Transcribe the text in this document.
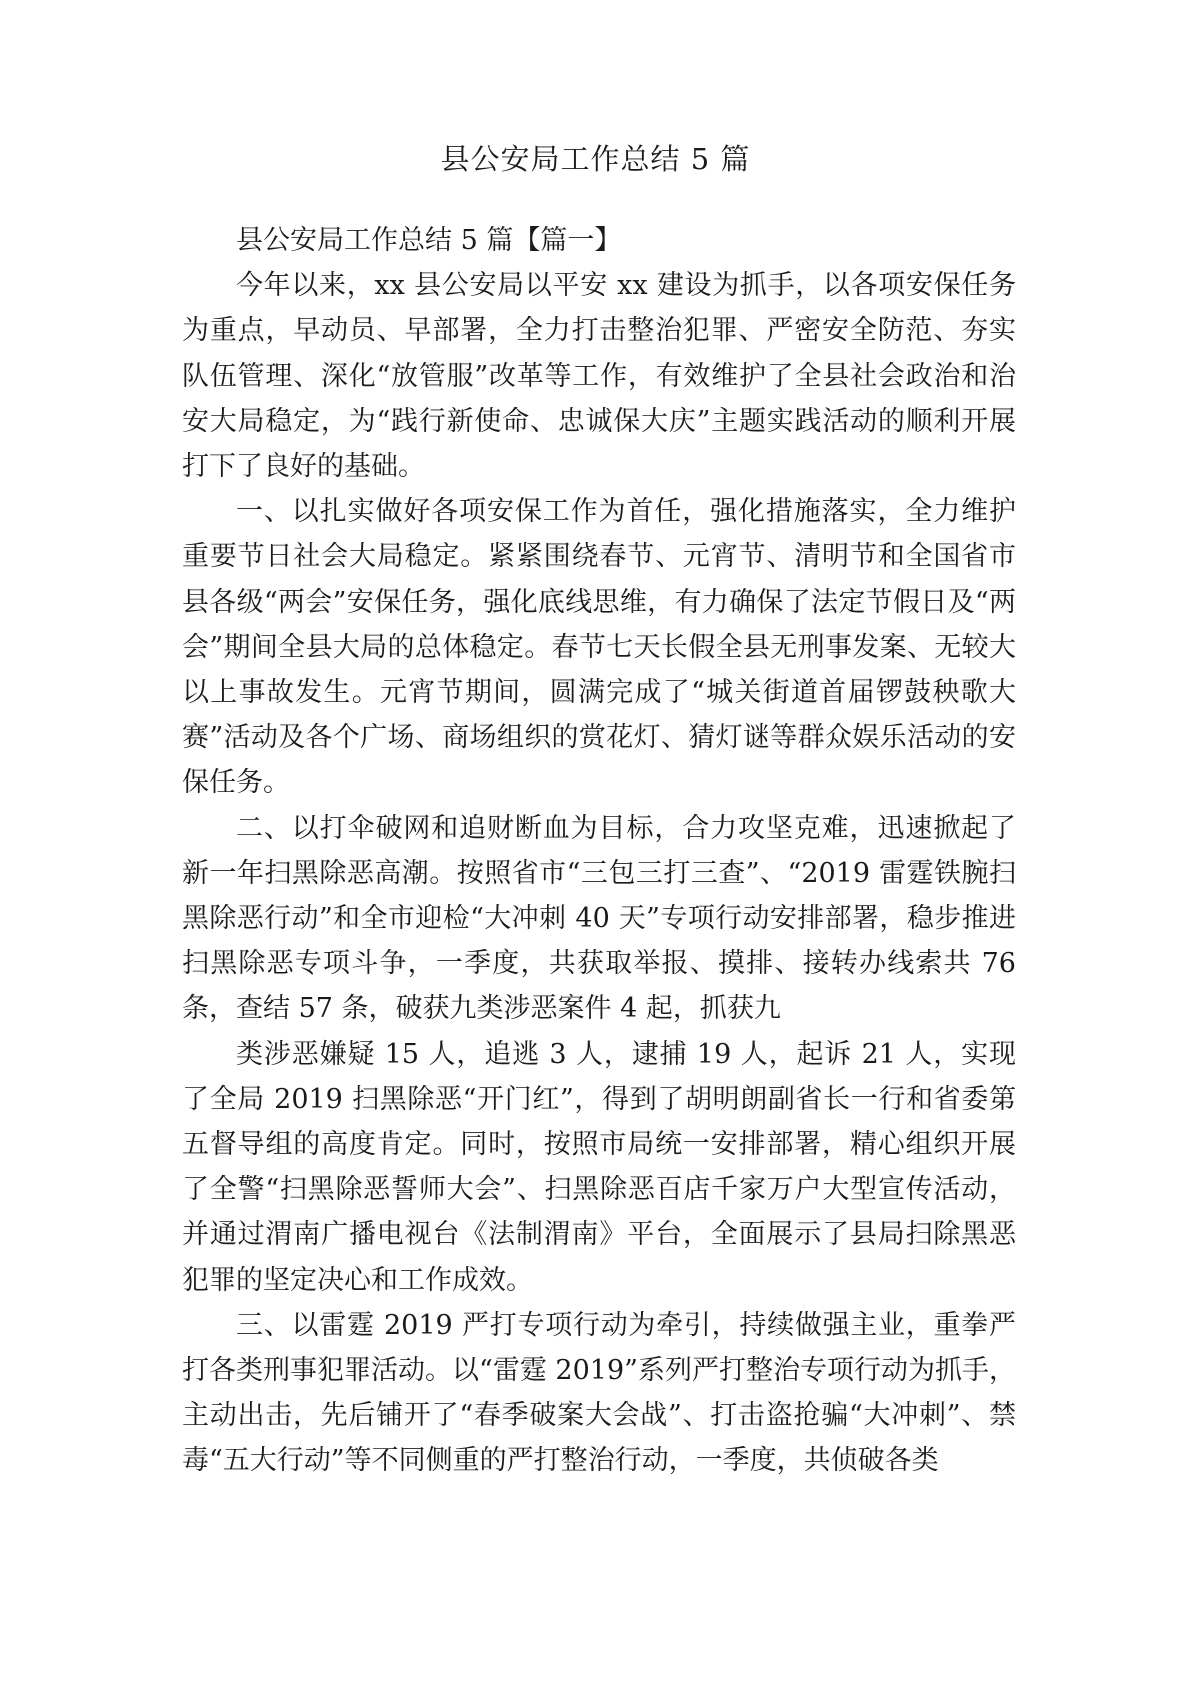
县公安局工作总结 5 篇

县公安局工作总结 5 篇【篇一】

今年以来，xx 县公安局以平安 xx 建设为抓手，以各项安保任务为重点，早动员、早部署，全力打击整治犯罪、严密安全防范、夯实队伍管理、深化“放管服”改革等工作，有效维护了全县社会政治和治安大局稳定，为“践行新使命、忠诚保大庆”主题实践活动的顺利开展打下了良好的基础。

一、以扎实做好各项安保工作为首任，强化措施落实，全力维护重要节日社会大局稳定。紧紧围绕春节、元宵节、清明节和全国省市县各级“两会”安保任务，强化底线思维，有力确保了法定节假日及“两会”期间全县大局的总体稳定。春节七天长假全县无刑事发案、无较大以上事故发生。元宵节期间，圆满完成了“城关街道首届锣鼓秧歌大赛”活动及各个广场、商场组织的赏花灯、猜灯谜等群众娱乐活动的安保任务。

二、以打伞破网和追财断血为目标，合力攻坚克难，迅速掀起了新一年扫黑除恶高潮。按照省市“三包三打三查”、“2019 雷霆铁腕扫黑除恶行动”和全市迎检“大冲刺 40 天”专项行动安排部署，稳步推进扫黑除恶专项斗争，一季度，共获取举报、摸排、接转办线索共 76 条，查结 57 条，破获九类涉恶案件 4 起，抓获九

类涉恶嫌疑 15 人，追逃 3 人，逮捕 19 人，起诉 21 人，实现了全局 2019 扫黑除恶“开门红”，得到了胡明朗副省长一行和省委第五督导组的高度肯定。同时，按照市局统一安排部署，精心组织开展了全警“扫黑除恶誓师大会”、扫黑除恶百店千家万户大型宣传活动，并通过渭南广播电视台《法制渭南》平台，全面展示了县局扫除黑恶犯罪的坚定决心和工作成效。

三、以雷霆 2019 严打专项行动为牵引，持续做强主业，重拳严打各类刑事犯罪活动。以“雷霆 2019”系列严打整治专项行动为抓手，主动出击，先后铺开了“春季破案大会战”、打击盗抢骗“大冲刺”、禁毒“五大行动”等不同侧重的严打整治行动，一季度，共侦破各类
